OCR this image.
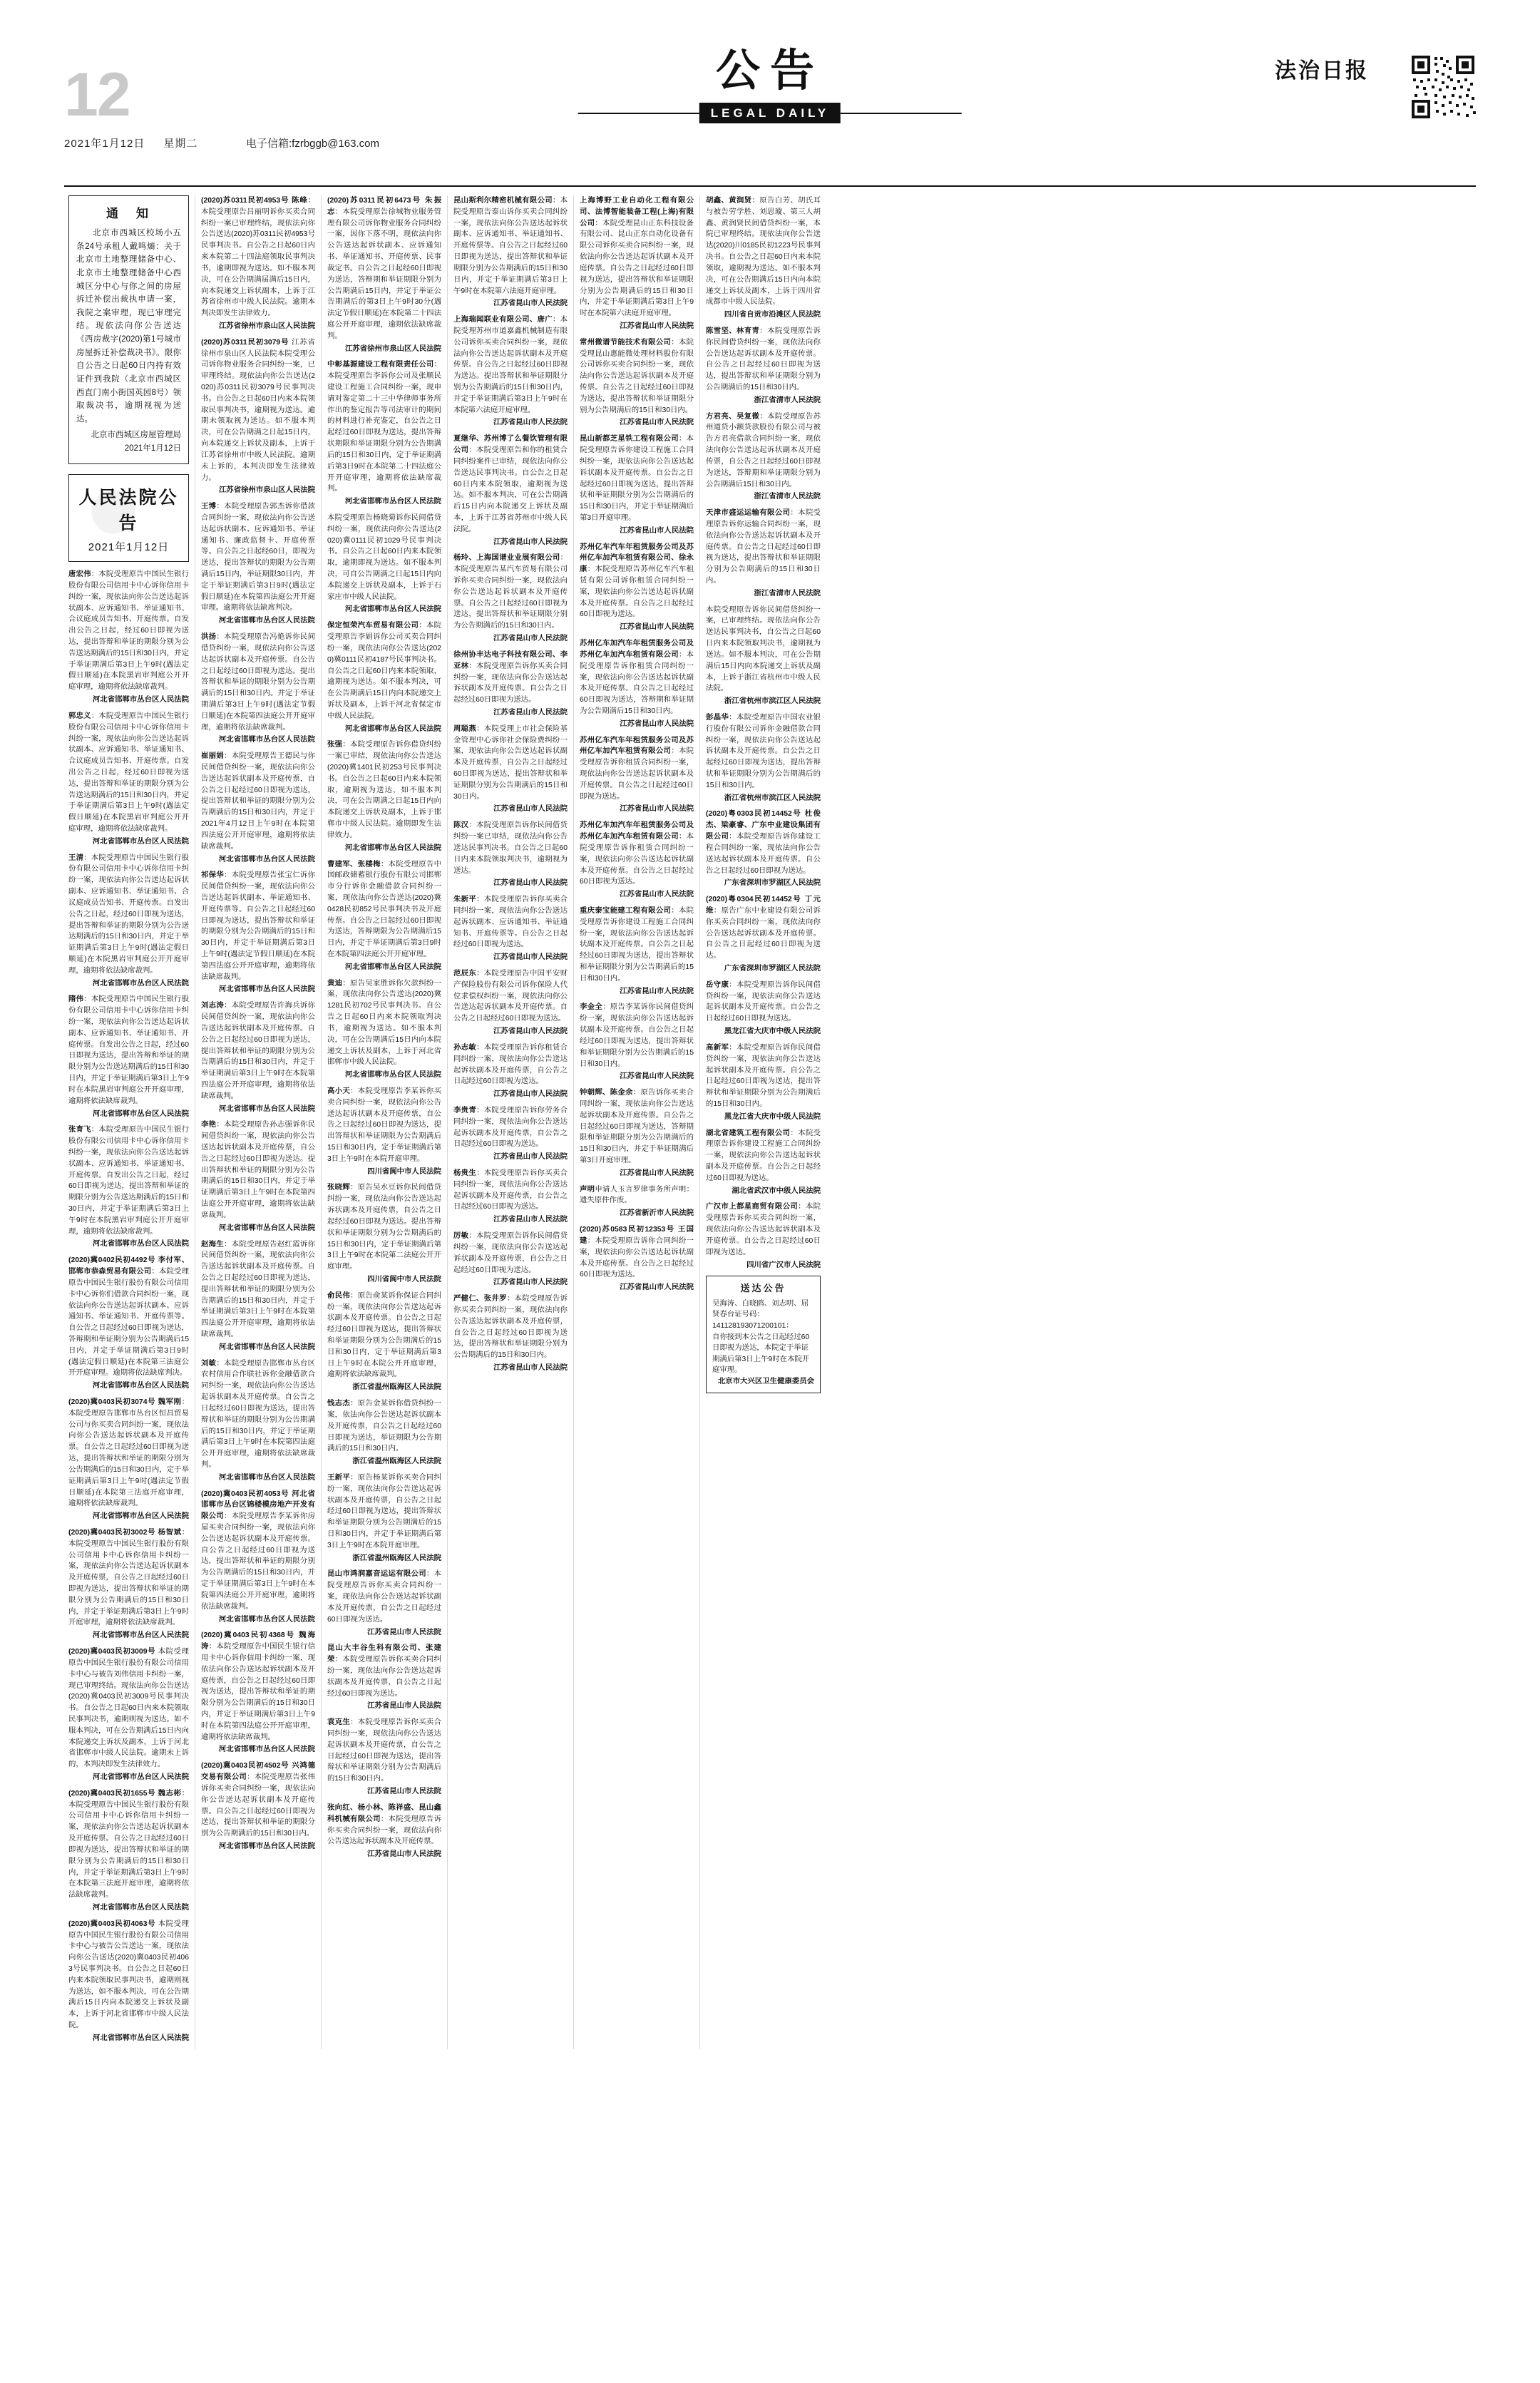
12
2021年1月12日 星期二	电子信箱:fzrbggb@163.com
公告
LEGAL DAILY
法治日报
通　知

北京市西城区校场小五条24号承租人戴鸣熵：关于北京市土地整理储备中心、北京市土地整理储备中心西城区分中心与你之间的房屋拆迁补偿出裁执申请一案，我院之案审理，现已审理完结。现依法向你公告送达《西房裁字(2020)第1号城市房屋拆迁补偿裁决书》。限你自公告之日起60日内持有效证件到我院（北京市西城区西直门南小街国英园8号）领取裁决书，逾期视视为送达。

北京市西城区房屋管理局
2021年1月12日
人民法院公告
2021年1月12日
唐宏伟：本院受理原告中国民生银行股份有限公司信用卡中心诉你信用卡纠纷一案，现依法向你公告送达起诉状副本、应诉通知书、举证通知书、合议庭成员告知书、开庭传票。自发出公告之日起，经过60日即视为送达，提出答辩和举证的期限分别为公告送达期满后的15日和30日内，并定于举证期满后第3日上午9时(遇法定假日顺延)在本院黑岩审判庭公开开庭审理，逾期将依法缺席裁判。
河北省邯郸市丛台区人民法院
郭忠义：本院受理原告中国民生银行股份有限公司信用卡中心诉你信用卡纠纷一案，现依法向你公告送达起诉状副本、应诉通知书、举证通知书、合议庭成员告知书、开庭传票。自发出公告之日起，经过60日即视为送达，提出答辩和举证的期限分别为公告送达期满后的15日和30日内，并定于举证期满后第3日上午9时(遇法定假日顺延)在本院黑岩审判庭公开开庭审理，逾期将依法缺席裁判。
河北省邯郸市丛台区人民法院
王清：本院受理原告中国民生银行股份有限公司信用卡中心诉你信用卡纠纷一案，现依法向你公告送达起诉状副本、应诉通知书、举证通知书、合议庭成员告知书、开庭传票。自发出公告之日起，经过60日即视为送达，提出答辩和举证的期限分别为公告送达期满后的15日和30日内，并定于举证期满后第3日上午9时(遇法定假日顺延)在本院黑岩审判庭公开开庭审理，逾期将依法缺席裁判。
河北省邯郸市丛台区人民法院
隋伟：本院受理原告中国民生银行股份有限公司信用卡中心诉你信用卡纠纷一案，现依法向你公告送达起诉状副本、应诉通知书、举证通知书、开庭传票。自发出公告之日起，经过60日即视为送达，提出答辩和举证的期限分别为公告送达期满后的15日和30日内，并定于举证期满后第3日上午9时在本院黑岩审判庭公开开庭审理，逾期将依法缺席裁判。
河北省邯郸市丛台区人民法院
张育飞：本院受理原告中国民生银行股份有限公司信用卡中心诉你信用卡纠纷一案，现依法向你公告送达起诉状副本、应诉通知书、举证通知书、开庭传票。自发出公告之日起，经过60日即视为送达，提出答辩和举证的期限分别为公告送达期满后的15日和30日内，并定于举证期满后第3日上午9时在本院黑岩审判庭公开开庭审理，逾期将依法缺席裁判。
河北省邯郸市丛台区人民法院
(2020)冀0402民初4492号 李付军、邯郸市恭森贸易有限公司：本院受理原告中国民生银行股份有限公司信用卡中心诉你们借款合同纠纷一案，现依法向你公告送达起诉状副本、应诉通知书、举证通知书、开庭传票等。自公告之日起经过60日即视为送达，答辩期和举证期分别为公告期满后15日内，并定于举证期满后第3日9时(遇法定假日顺延)在本院第三法庭公开开庭审理。逾期将依法缺席判决。
河北省邯郸市丛台区人民法院
(2020)冀0403民初3074号 魏军刚：本院受理原告邯郸市丛台区恒昌贸易公司与你买卖合同纠纷一案，现依法向你公告送达起诉状副本及开庭传票。自公告之日起经过60日即视为送达，提出答辩状和举证的期限分别为公告期满后的15日和30日内，定于举证期满后第3日上午9时(遇法定节假日顺延)在本院第三法庭开庭审理，逾期将依法缺席裁判。
河北省邯郸市丛台区人民法院
(2020)冀0403民初3002号 杨智斌：本院受理原告中国民生银行股份有限公司信用卡中心诉你信用卡纠纷一案，现依法向你公告送达起诉状副本及开庭传票，自公告之日起经过60日即视为送达，提出答辩状和举证的期限分别为公告期满后的15日和30日内，并定于举证期满后第3日上午9时开庭审理，逾期将依法缺席裁判。
河北省邯郸市丛台区人民法院
(2020)冀0403民初3009号 本院受理原告中国民生银行股份有限公司信用卡中心与被告刘伟信用卡纠纷一案，现已审理终结。现依法向你公告送达(2020)冀0403民初3009号民事判决书。自公告之日起60日内来本院领取民事判决书，逾期则视为送达。如不服本判决，可在公告期满后15日内向本院递交上诉状及副本，上诉于河北省邯郸市中级人民法院。逾期未上诉的，本判决即发生法律效力。
河北省邯郸市丛台区人民法院
(2020)冀0403民初1655号 魏志彬：本院受理原告中国民生银行股份有限公司信用卡中心诉你信用卡纠纷一案，现依法向你公告送达起诉状副本及开庭传票。自公告之日起经过60日即视为送达，提出答辩状和举证的期限分别为公告期满后的15日和30日内，并定于举证期满后第3日上午9时在本院第三法庭开庭审理，逾期将依法缺席裁判。
河北省邯郸市丛台区人民法院
(2020)冀0403民初4063号 本院受理原告中国民生银行股份有限公司信用卡中心与被告公告送达一案，现依法向你公告送达(2020)冀0403民初4063号民事判决书。自公告之日起60日内来本院领取民事判决书，逾期则视为送达，如不服本判决，可在公告期满后15日内向本院递交上诉状及副本，上诉于河北省邯郸市中级人民法院。
河北省邯郸市丛台区人民法院
(2020)苏0311民初4953号 陈峰：本院受理原告吕丽明诉你买卖合同纠纷一案已审理终结，现依法向你公告送达(2020)苏0311民初4953号民事判决书。自公告之日起60日内来本院第二十四法庭领取民事判决书，逾期即视为送达。如不服本判决，可在公告期满届满后15日内，向本院递交上诉状副本，上诉于江苏省徐州市中级人民法院。逾期本判决即发生法律效力。
江苏省徐州市泉山区人民法院
(2020)苏0311民初3079号 江苏省徐州市泉山区人民法院本院受理公司诉你物业服务合同纠纷一案，已审理终结。现依法向你公告送达(2020)苏0311民初3079号民事判决书。自公告之日起60日内来本院领取民事判决书，逾期视为送达。逾期未领取视为送达。如不服本判决，可在公告期满之日起15日内，向本院递交上诉状及副本，上诉于江苏省徐州市中级人民法院。逾期未上诉的，本判决即发生法律效力。
江苏省徐州市泉山区人民法院
王博：本院受理原告郭杰诉你借款合同纠纷一案，现依法向你公告送达起诉状副本、应诉通知书、举证通知书、廉政监督卡、开庭传票等。自公告之日起经60日，即视为送达，提出答辩状的期限为公告期满后15日内，举证期限30日内，并定于举证期满后第3日9时(遇法定假日顺延)在本院第四法庭公开开庭审理。逾期将依法缺席判决。
河北省邯郸市丛台区人民法院
洪扬：本院受理原告冯艳诉你民间借贷纠纷一案，现依法向你公告送达起诉状副本及开庭传票。自公告之日起经过60日即视为送达。提出答辩状和举证的期限分别为公告期满后的15日和30日内。并定于举证期满后第3日上午9时(遇法定节假日顺延)在本院第四法庭公开开庭审理，逾期将依法缺席裁判。
河北省邯郸市丛台区人民法院
崔丽娟：本院受理原告王德民与你民间借贷纠纷一案，现依法向你公告送达起诉状副本及开庭传票，自公告之日起经过60日即视为送达，提出答辩状和举证的期限分别为公告期满后的15日和30日内，并定于2021年4月12日上午9时在本院第四法庭公开开庭审理，逾期将依法缺席裁判。
河北省邯郸市丛台区人民法院
祁保华：本院受理原告张宝仁诉你民间借贷纠纷一案，现依法向你公告送达起诉状副本、举证通知书、开庭传票等。自公告之日起经过60日即视为送达，提出答辩状和举证的期限分别为公告期满后的15日和30日内，并定于举证期满后第3日上午9时(遇法定节假日顺延)在本院第四法庭公开开庭审理，逾期将依法缺席裁判。
河北省邯郸市丛台区人民法院
刘志涛：本院受理原告许海兵诉你民间借贷纠纷一案，现依法向你公告送达起诉状副本及开庭传票。自公告之日起经过60日即视为送达，提出答辩状和举证的期限分别为公告期满后的15日和30日内，并定于举证期满后第3日上午9时在本院第四法庭公开开庭审理，逾期将依法缺席裁判。
河北省邯郸市丛台区人民法院
李艳：本院受理原告孙志强诉你民间借贷纠纷一案，现依法向你公告送达起诉状副本及开庭传票，自公告之日起经过60日即视为送达。提出答辩状和举证的期限分别为公告期满后的15日和30日内，并定于举证期满后第3日上午9时在本院第四法庭公开开庭审理，逾期将依法缺席裁判。
河北省邯郸市丛台区人民法院
赵海生：本院受理原告赵红霞诉你民间借贷纠纷一案，现依法向你公告送达起诉状副本及开庭传票。自公告之日起经过60日即视为送达，提出答辩状和举证的期限分别为公告期满后的15日和30日内，并定于举证期满后第3日上午9时在本院第四法庭公开开庭审理，逾期将依法缺席裁判。
河北省邯郸市丛台区人民法院
刘敏：本院受理原告邯郸市丛台区农村信用合作联社诉你金融借款合同纠纷一案，现依法向你公告送达起诉状副本及开庭传票。自公告之日起经过60日即视为送达，提出答辩状和举证的期限分别为公告期满后的15日和30日内，并定于举证期满后第3日上午9时在本院第四法庭公开开庭审理，逾期将依法缺席裁判。
河北省邯郸市丛台区人民法院
(2020)冀0403民初4053号 河北省邯郸市丛台区锦楼模房地产开发有限公司：本院受理原告李某诉你房屋买卖合同纠纷一案，现依法向你公告送达起诉状副本及开庭传票。自公告之日起经过60日即视为送达，提出答辩状和举证的期限分别为公告期满后的15日和30日内，并定于举证期满后第3日上午9时在本院第四法庭公开开庭审理，逾期将依法缺席裁判。
河北省邯郸市丛台区人民法院
(2020)冀0403民初4368号 魏海涛：本院受理原告中国民生银行信用卡中心诉你信用卡纠纷一案，现依法向你公告送达起诉状副本及开庭传票，自公告之日起经过60日即视为送达，提出答辩状和举证的期限分别为公告期满后的15日和30日内，并定于举证期满后第3日上午9时在本院第四法庭公开开庭审理，逾期将依法缺席裁判。
河北省邯郸市丛台区人民法院
(2020)冀0403民初4502号 兴鸿德交易有限公司：本院受理原告张伟诉你买卖合同纠纷一案，现依法向你公告送达起诉状副本及开庭传票。自公告之日起经过60日即视为送达，提出答辩状和举证的期限分别为公告期满后的15日和30日内。
河北省邯郸市丛台区人民法院
(2020)苏0311民初6473号 朱振志：本院受理原告徐城物业服务管理有限公司诉你物业服务合同纠纷一案，因你下落不明，现依法向你公告送达起诉状副本、应诉通知书、举证通知书、开庭传票、民事裁定书。自公告之日起经60日即视为送达，答辩期和举证期限分别为公告期满后15日内，并定于举证公告期满后的第3日上午9时30分(遇法定节假日顺延)在本院第二十四法庭公开开庭审理，逾期依法缺席裁判。
江苏省徐州市泉山区人民法院
中彰基源建设工程有限责任公司：本院受理原告李诉你公司及张顺民建设工程施工合同纠纷一案，现申请对鉴定第二十三中华律师事务所作出的鉴定报告等司法审计的期间的材料进行补充鉴定，自公告之日起经过60日即视为送达，提出答辩状期限和举证期限分别为公告期满后的15日和30日内，定于举证期满后第3日9时在本院第二十四法庭公开开庭审理，逾期将依法缺席裁判。
河北省邯郸市丛台区人民法院
本院受理原告杨晓菊诉你民间借贷纠纷一案，现依法向你公告送达(2020)冀0111民初1029号民事判决书。自公告之日起60日内来本院领取，逾期即视为送达。如不服本判决，可自公告期满之日起15日内向本院递交上诉状及副本，上诉于石家庄市中级人民法院。
河北省邯郸市丛台区人民法院
保定恒荣汽车贸易有限公司：本院受理原告李娟诉你公司买卖合同纠纷一案，现依法向你公告送达(2020)冀0111民初4187号民事判决书。自公告之日起60日内来本院领取，逾期视为送达。如不服本判决，可在公告期满后15日内向本院递交上诉状及副本，上诉于河北省保定市中级人民法院。
河北省邯郸市丛台区人民法院
张强：本院受理原告诉你借贷纠纷一案已审结，现依法向你公告送达(2020)冀1401民初253号民事判决书。自公告之日起60日内来本院领取，逾期视为送达，如不服本判决，可在公告期满之日起15日内向本院递交上诉状及副本，上诉于邯郸市中级人民法院。逾期即发生法律效力。
河北省邯郸市丛台区人民法院
曹建军、张楼梅：本院受理原告中国邮政储蓄银行股份有限公司邯郸市分行诉你金融借款合同纠纷一案，现依法向你公告送达(2020)冀0428民初852号民事判决书及开庭传票。自公告之日起经过60日即视为送达，答辩期限为公告期满后15日内，并定于举证期满后第3日9时在本院第四法庭公开开庭审理。
河北省邯郸市丛台区人民法院
黄迪：原告吴家胜诉你欠款纠纷一案，现依法向你公告送达(2020)冀1281民初702号民事判决书。自公告之日起60日内来本院领取判决书，逾期视为送达。如不服本判决，可在公告期满后15日内向本院递交上诉状及副本，上诉于河北省邯郸市中级人民法院。
河北省邯郸市丛台区人民法院
高小天：本院受理原告李某诉你买卖合同纠纷一案，现依法向你公告送达起诉状副本及开庭传票，自公告之日起经过60日即视为送达，提出答辩状和举证期限为公告期满后15日和30日内，定于举证期满后第3日上午9时在本院开庭审理。
四川省阆中市人民法院
张晓辉：原告吴水豆诉你民间借贷纠纷一案，现依法向你公告送达起诉状副本及开庭传票，自公告之日起经过60日即视为送达。提出答辩状和举证期限分别为公告期满后的15日和30日内，定于举证期满后第3日上午9时在本院第二法庭公开开庭审理。
四川省阆中市人民法院
俞民伟：原告俞某诉你保证合同纠纷一案，现依法向你公告送达起诉状副本及开庭传票。自公告之日起经过60日即视为送达，提出答辩状和举证期限分别为公告期满后的15日和30日内，定于举证期满后第3日上午9时在本院公开开庭审理，逾期将依法缺席裁判。
浙江省温州瓯海区人民法院
钱志杰：原告金某诉你借贷纠纷一案，依法向你公告送达起诉状副本及开庭传票，自公告之日起经过60日即视为送达，举证期限为公告期满后的15日和30日内。
浙江省温州瓯海区人民法院
王新平：原告杨某诉你买卖合同纠纷一案，现依法向你公告送达起诉状副本及开庭传票，自公告之日起经过60日即视为送达，提出答辩状和举证期限分别为公告期满后的15日和30日内，并定于举证期满后第3日上午9时在本院开庭审理。
浙江省温州瓯海区人民法院
昆山市鸿润嘉音运运有限公司：本院受理原告诉你买卖合同纠纷一案，现依法向你公告送达起诉状副本及开庭传票，自公告之日起经过60日即视为送达。
江苏省昆山市人民法院
昆山大丰谷生科有限公司、张建荣：本院受理原告诉你买卖合同纠纷一案，现依法向你公告送达起诉状副本及开庭传票，自公告之日起经过60日即视为送达。
江苏省昆山市人民法院
袁克生：本院受理原告诉你买卖合同纠纷一案，现依法向你公告送达起诉状副本及开庭传票，自公告之日起经过60日即视为送达，提出答辩状和举证期限分别为公告期满后的15日和30日内。
江苏省昆山市人民法院
张向红、杨小林、陈祥盛、昆山鑫科机械有限公司：本院受理原告诉你买卖合同纠纷一案，现依法向你公告送达起诉状副本及开庭传票。
江苏省昆山市人民法院
昆山斯利尔精密机械有限公司：本院受理原告泰山诉你买卖合同纠纷一案，现依法向你公告送达起诉状副本、应诉通知书、举证通知书、开庭传票等。自公告之日起经过60日即视为送达，提出答辩状和举证期限分别为公告期满后的15日和30日内，并定于举证期满后第3日上午9时在本院第六法庭开庭审理。
江苏省昆山市人民法院
上海瑞闻联业有限公司、唐广：本院受理苏州市道嘉鑫机械制造有限公司诉你买卖合同纠纷一案，现依法向你公告送达起诉状副本及开庭传票。自公告之日起经过60日即视为送达。提出答辩状和举证期限分别为公告期满后的15日和30日内，并定于举证期满后第3日上午9时在本院第六法庭开庭审理。
江苏省昆山市人民法院
夏继华、苏州博了么餐饮管理有限公司：本院受理原告和你的租赁合同纠纷案件已审结，现依法向你公告送达民事判决书。自公告之日起60日内来本院领取，逾期视为送达。如不服本判决，可在公告期满后15日内向本院递交上诉状及副本，上诉于江苏省苏州市中级人民法院。
江苏省昆山市人民法院
杨玲、上海国谱业业展有限公司：本院受理原告某汽车贸易有限公司诉你买卖合同纠纷一案，现依法向你公告送达起诉状副本及开庭传票。自公告之日起经过60日即视为送达，提出答辩状和举证期限分别为公告期满后的15日和30日内。
江苏省昆山市人民法院
徐州协丰达电子科技有限公司、李亚林：本院受理原告诉你买卖合同纠纷一案，现依法向你公告送达起诉状副本及开庭传票。自公告之日起经过60日即视为送达。
江苏省昆山市人民法院
周聪燕：本院受理上市社会保险基金管理中心诉你社会保险费纠纷一案，现依法向你公告送达起诉状副本及开庭传票，自公告之日起经过60日即视为送达，提出答辩状和举证期限分别为公告期满后的15日和30日内。
江苏省昆山市人民法院
陈汉：本院受理原告诉你民间借贷纠纷一案已审结，现依法向你公告送达民事判决书。自公告之日起60日内来本院领取判决书，逾期视为送达。
江苏省昆山市人民法院
朱新平：本院受理原告诉你买卖合同纠纷一案，现依法向你公告送达起诉状副本、应诉通知书、举证通知书、开庭传票等。自公告之日起经过60日即视为送达。
江苏省昆山市人民法院
范辰东：本院受理原告中国平安财产保险股份有限公司诉你保险人代位求偿权纠纷一案，现依法向你公告送达起诉状副本及开庭传票。自公告之日起经过60日即视为送达。
江苏省昆山市人民法院
孙志敏：本院受理原告诉你租赁合同纠纷一案，现依法向你公告送达起诉状副本及开庭传票，自公告之日起经过60日即视为送达。
江苏省昆山市人民法院
李贵青：本院受理原告诉你劳务合同纠纷一案，现依法向你公告送达起诉状副本及开庭传票，自公告之日起经过60日即视为送达。
江苏省昆山市人民法院
杨贵生：本院受理原告诉你买卖合同纠纷一案，现依法向你公告送达起诉状副本及开庭传票，自公告之日起经过60日即视为送达。
江苏省昆山市人民法院
厉敏：本院受理原告诉你民间借贷纠纷一案，现依法向你公告送达起诉状副本及开庭传票，自公告之日起经过60日即视为送达。
江苏省昆山市人民法院
严健仁、张井罗：本院受理原告诉你买卖合同纠纷一案，现依法向你公告送达起诉状副本及开庭传票，自公告之日起经过60日即视为送达，提出答辩状和举证期限分别为公告期满后的15日和30日内。
江苏省昆山市人民法院
上海博野工业自动化工程有限公司、法博智能装备工程(上海)有限公司：本院受理昆山正东科技设备有限公司、昆山正东自动化设备有限公司诉你买卖合同纠纷一案，现依法向你公告送达起诉状副本及开庭传票。自公告之日起经过60日即视为送达，提出答辩状和举证期限分别为公告期满后的15日和30日内，并定于举证期满后第3日上午9时在本院第六法庭开庭审理。
江苏省昆山市人民法院
常州微谱节能技术有限公司：本院受理昆山惠能微处理材料股份有限公司诉你买卖合同纠纷一案，现依法向你公告送达起诉状副本及开庭传票。自公告之日起经过60日即视为送达，提出答辩状和举证期限分别为公告期满后的15日和30日内。
江苏省昆山市人民法院
昆山新都芝星铁工程有限公司：本院受理原告诉你建设工程施工合同纠纷一案，现依法向你公告送达起诉状副本及开庭传票。自公告之日起经过60日即视为送达，提出答辩状和举证期限分别为公告期满后的15日和30日内，并定于举证期满后第3日开庭审理。
江苏省昆山市人民法院
苏州亿车汽车年租赁服务公司及苏州亿车加汽车租赁有限公司、徐永康：本院受理原告苏州亿车汽车租赁有限公司诉你租赁合同纠纷一案，现依法向你公告送达起诉状副本及开庭传票。自公告之日起经过60日即视为送达。
江苏省昆山市人民法院
苏州亿车加汽车年租赁服务公司及苏州亿车加汽车租赁有限公司：本院受理原告诉你租赁合同纠纷一案，现依法向你公告送达起诉状副本及开庭传票。自公告之日起经过60日即视为送达，答辩期和举证期为公告期满后15日和30日内。
江苏省昆山市人民法院
苏州亿车汽车年租赁服务公司及苏州亿车加汽车租赁有限公司：本院受理原告诉你租赁合同纠纷一案，现依法向你公告送达起诉状副本及开庭传票。自公告之日起经过60日即视为送达。
江苏省昆山市人民法院
苏州亿车加汽车年租赁服务公司及苏州亿车加汽车租赁有限公司：本院受理原告诉你租赁合同纠纷一案，现依法向你公告送达起诉状副本及开庭传票。自公告之日起经过60日即视为送达。
江苏省昆山市人民法院
重庆泰宝能建工程有限公司：本院受理原告诉你建设工程施工合同纠纷一案，现依法向你公告送达起诉状副本及开庭传票。自公告之日起经过60日即视为送达，提出答辩状和举证期限分别为公告期满后的15日和30日内。
江苏省昆山市人民法院
李金全：原告李某诉你民间借贷纠纷一案，现依法向你公告送达起诉状副本及开庭传票。自公告之日起经过60日即视为送达，提出答辩状和举证期限分别为公告期满后的15日和30日内。
江苏省昆山市人民法院
钟朝辉、陈金余：原告诉你买卖合同纠纷一案，现依法向你公告送达起诉状副本及开庭传票。自公告之日起经过60日即视为送达，答辩期限和举证期限分别为公告期满后的15日和30日内，并定于举证期满后第3日开庭审理。
江苏省昆山市人民法院
声明申请人玉言罗律事务所声明：遗失原件作废。
江苏省新沂市人民法院
(2020)苏0583民初12353号 王国建：本院受理原告诉你合同纠纷一案，现依法向你公告送达起诉状副本及开庭传票。自公告之日起经过60日即视为送达。
江苏省昆山市人民法院
胡鑫、黄润贤：原告白芳、胡氏耳与被告劳学胜、刘思璇、第三人胡鑫、黄润贤民间借贷纠纷一案，本院已审理终结。现依法向你公告送达(2020)川0185民初1223号民事判决书。自公告之日起60日内来本院领取，逾期视为送达。如不服本判决，可在公告期满后15日内向本院递交上诉状及副本，上诉于四川省成都市中级人民法院。
四川省自贡市沿滩区人民法院
陈雪坚、林育青：本院受理原告诉你民间借贷纠纷一案，现依法向你公告送达起诉状副本及开庭传票。自公告之日起经过60日即视为送达，提出答辩状和举证期限分别为公告期满后的15日和30日内。
浙江省清市人民法院
方君亮、吴复微：本院受理原告苏州道贷小额贷款股份有限公司与被告方君亮借款合同纠纷一案，现依法向你公告送达起诉状副本及开庭传票，自公告之日起经过60日即视为送达，答辩期和举证期限分别为公告期满后15日和30日内。
浙江省清市人民法院
天津市盛运运输有限公司：本院受理原告诉你运输合同纠纷一案，现依法向你公告送达起诉状副本及开庭传票。自公告之日起经过60日即视为送达，提出答辩状和举证期限分别为公告期满后的15日和30日内。
浙江省清市人民法院
本院受理原告诉你民间借贷纠纷一案，已审理终结。现依法向你公告送达民事判决书，自公告之日起60日内来本院领取判决书，逾期视为送达。如不服本判决，可在公告期满后15日内向本院递交上诉状及副本，上诉于浙江省杭州市中级人民法院。
浙江省杭州市滨江区人民法院
彭晶华：本院受理原告中国农业银行股份有限公司诉你金融借款合同纠纷一案，现依法向你公告送达起诉状副本及开庭传票。自公告之日起经过60日即视为送达，提出答辩状和举证期限分别为公告期满后的15日和30日内。
浙江省杭州市滨江区人民法院
(2020)粤0303民初14452号 杜俊杰、梁豪睿、广东中业建设集团有限公司：本院受理原告诉你建设工程合同纠纷一案，现依法向你公告送达起诉状副本及开庭传票。自公告之日起经过60日即视为送达。
广东省深圳市罗湖区人民法院
(2020)粤0304民初14452号 丁元维：原告广东中业建设有限公司诉你买卖合同纠纷一案，现依法向你公告送达起诉状副本及开庭传票。自公告之日起经过60日即视为送达。
广东省深圳市罗湖区人民法院
岳守康：本院受理原告诉你民间借贷纠纷一案，现依法向你公告送达起诉状副本及开庭传票。自公告之日起经过60日即视为送达。
黑龙江省大庆市中级人民法院
高新军：本院受理原告诉你民间借贷纠纷一案，现依法向你公告送达起诉状副本及开庭传票。自公告之日起经过60日即视为送达，提出答辩状和举证期限分别为公告期满后的15日和30日内。
黑龙江省大庆市中级人民法院
湖北省建筑工程有限公司：本院受理原告诉你建设工程施工合同纠纷一案，现依法向你公告送达起诉状副本及开庭传票。自公告之日起经过60日即视为送达。
湖北省武汉市中级人民法院
广汉市上都星商贸有限公司：本院受理原告诉你买卖合同纠纷一案，现依法向你公告送达起诉状副本及开庭传票。自公告之日起经过60日即视为送达。
四川省广汉市人民法院
送达公告
吴海涛、白晓鸥、刘志明、屈贤春台证号码：141128193071200101：
自你接到本公告之日起经过60日即视为送达，本院定于举证期满后第3日上午9时在本院开庭审理。
北京市大兴区卫生健康委员会
